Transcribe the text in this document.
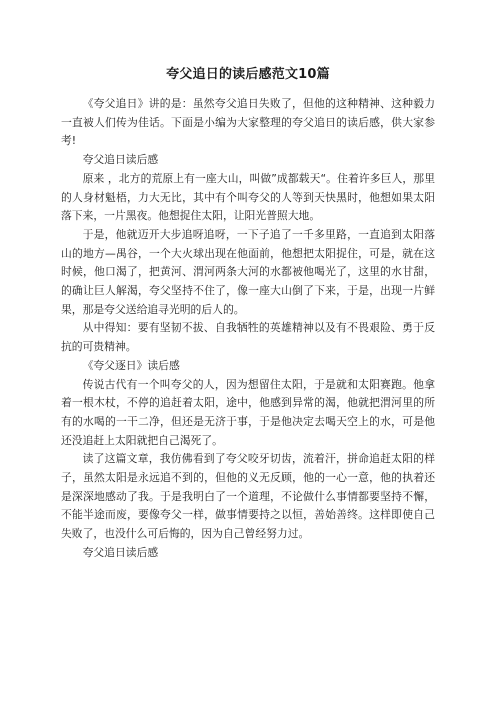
夸父追日的读后感范文10篇

《夸父追日》讲的是：虽然夸父追日失败了，但他的这种精神、这种毅力一直被人们传为佳话。下面是小编为大家整理的夸父追日的读后感，供大家参考!

夸父追日读后感

原来 ，北方的荒原上有一座大山，叫做”成都载天“。住着许多巨人，那里的人身材魁梧，力大无比，其中有个叫夸父的人等到天快黑时，他想如果太阳落下来，一片黑夜。他想捉住太阳，让阳光普照大地。

于是，他就迈开大步追呀追呀，一下子追了一千多里路，一直追到太阳落山的地方—禺谷，一个大火球出现在他面前，他想把太阳捉住，可是，就在这时候，他口渴了，把黄河、渭河两条大河的水都被他喝光了，这里的水甘甜，的确让巨人解渴，夸父坚持不住了，像一座大山倒了下来，于是，出现一片鲜果，那是夸父送给追寻光明的后人的。

从中得知：要有坚韧不拔、自我牺牲的英雄精神以及有不畏艰险、勇于反抗的可贵精神。

《夸父逐日》读后感

传说古代有一个叫夸父的人，因为想留住太阳，于是就和太阳赛跑。他拿着一根木杖，不停的追赶着太阳，途中，他感到异常的渴，他就把渭河里的所有的水喝的一干二净，但还是无济于事，于是他决定去喝天空上的水，可是他还没追赶上太阳就把自己渴死了。

读了这篇文章，我仿佛看到了夸父咬牙切齿，流着汗，拼命追赶太阳的样子，虽然太阳是永远追不到的，但他的义无反顾，他的一心一意，他的执着还是深深地感动了我。于是我明白了一个道理，不论做什么事情都要坚持不懈，不能半途而废，要像夸父一样，做事情要持之以恒，善始善终。这样即使自己失败了，也没什么可后悔的，因为自己曾经努力过。

夸父追日读后感
